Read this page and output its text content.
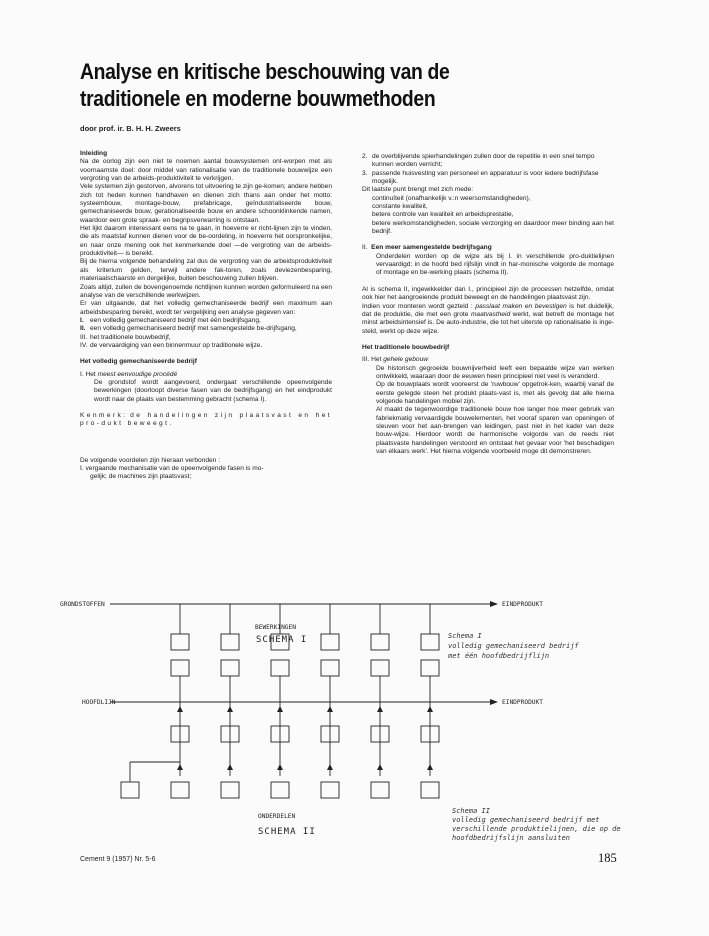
Analyse en kritische beschouwing van de
traditionele en moderne bouwmethoden
door prof. ir. B. H. H. Zweers

Inleiding

Na de oorlog zijn een niet te noemen aantal bouwsystemen ont-worpen met als voornaamste doel: door middel van rationalisatie van de traditionele bouwwijze een vergroting van de arbeids-produktiviteit te verkrijgen.

Vele systemen zijn gestorven, alvorens tot uitvoering te zijn ge-komen; andere hebben zich tot heden kunnen handhaven en dienen zich thans aan onder het motto: systeembouw, montage-bouw, prefabricage, geïndustrialiseerde bouw, gemechaniseerde bouw, gerationaliseerde bouw en andere schoonklinkende namen, waardoor een grote spraak- en begripsverwarring is ontstaan.

Het lijkt daarom interessant eens na te gaan, in hoeverre er richt-lijnen zijn te vinden, die als maatstaf kunnen dienen voor de be-oordeling, in hoeverre het oorspronkelijke, en naar onze mening ook het kenmerkende doel —de vergroting van de arbeids-produktiviteit— is bereikt.

Bij de hierna volgende behandeling zal dus de vergroting van de arbeidsproduktiviteit als kriterium gelden, terwijl andere fak-toren, zoals deviezenbesparing, materiaalschaarste en dergelijke, buiten beschouwing zullen blijven.

Zoals altijd, zullen de bovengenoemde richtlijnen kunnen worden geformuleerd na een analyse van de verschillende werkwijzen.

Er van uitgaande, dat het volledig gemechaniseerde bedrijf een maximum aan arbeidsbesparing bereikt, wordt ter vergelijking een analyse gegeven van:

I. een volledig gemechaniseerd bedrijf met één bedrijfsgang,
II. een volledig gemechaniseerd bedrijf met samengestelde be-drijfsgang,
III. het traditionele bouwbedrijf,
IV. de vervaardiging van een binnenmuur op traditionele wijze.

Het volledig gemechaniseerde bedrijf

I. Het meest eenvoudige procédé

De grondstof wordt aangevoerd, ondergaat verschillende opeenvolgende bewerkingen (doorloopt diverse fasen van de bedrijfsgang) en het eindprodukt wordt naar de plaats van bestemming gebracht (schema I).

Kenmerk: de handelingen zijn plaatsvast en het pro-dukt beweegt.

De volgende voordelen zijn hieraan verbonden :

I. vergaande mechanisatie van de opeenvolgende fasen is mo-

gelijk; de machines zijn plaatsvast;

2. de overblijvende spierhandelingen zullen door de repetitie in een snel tempo kunnen worden verricht;
3. passende huisvesting van personeel en apparatuur is voor iedere bedrijfsfase mogelijk.

Dit laatste punt brengt met zich mede:

continuïteit (onafhankelijk v.:n weersomstandigheden),

constante kwaliteit,

betere controle van kwaliteit en arbeidsprestatie,

betere werkomstandigheden, sociale verzorging en daardoor meer binding aan het bedrijf.

II. Een meer samengestelde bedrijfsgang

Onderdelen worden op de wijze als bij I. in verschillende pro-duktielijnen vervaardigd; in de hoofd bed rijfslijn vindt in har-monische volgorde de montage of montage en be-werking plaats (schema II).

Al is schema II, ingewikkelder dan I., principieel zijn de processen hetzelfde, omdat ook hier het aangroeiende produkt beweegt en de handelingen plaatsvast zijn.

Indien voor monteren wordt gezteld : passlaat maken en bevestigen is het duidelijk, dat de produktie, die met een grote maatvastheid werkt, wat betreft de montage het minst arbeidsintensief is. De auto-industrie, die tot het uiterste op rationalisatie is inge-steld, werkt op deze wijze.

Het traditionele bouwbedrijf

III. Het gehele gebouw

De historisch gegroeide bouwnijverheid leeft een bepaalde wijze van werken ontwikkeld, waaraan door de eeuwen heen principieel niet veel is veranderd.

Op de bouwplaats wordt vooreerst de 'ruwbouw' opgetrok-ken, waarbij vanaf de eerste gelegde steen het produkt plaats-vast is, met als gevolg dat alle hierna volgende handelingen mobiel zijn.

Al maakt de tegenwoordige traditionele bouw hoe langer hoe meer gebruik van fabriekmatig vervaardigde bouwelementen, het vooraf sparen van openingen of sleuven voor het aan-brengen van leidingen, past niet in het kader van deze bouw-wijze. Hierdoor wordt de harmonische volgorde van de reeds niet plaatsvaste handelingen verstoord en ontstaat het gevaar voor 'het beschadigen van elkaars werk'. Het hierna volgende voorbeeld moge dit demonstreren.

GRONDSTOFFEN	EINDPRODUKT
BEWERKINGEN
HOOFDLIJN	EINDPRODUKT
ONDERDELEN
SCHEMA I
SCHEMA II
Schema I
volledig gemechaniseerd bedrijf
met één hoofdbedrijflijn
Schema II
volledig gemechaniseerd bedrijf met
verschillende produktielijnen, die op de
hoofdbedrijfslijn aansluiten
Cement 9 (1957) Nr. 5-6	185
